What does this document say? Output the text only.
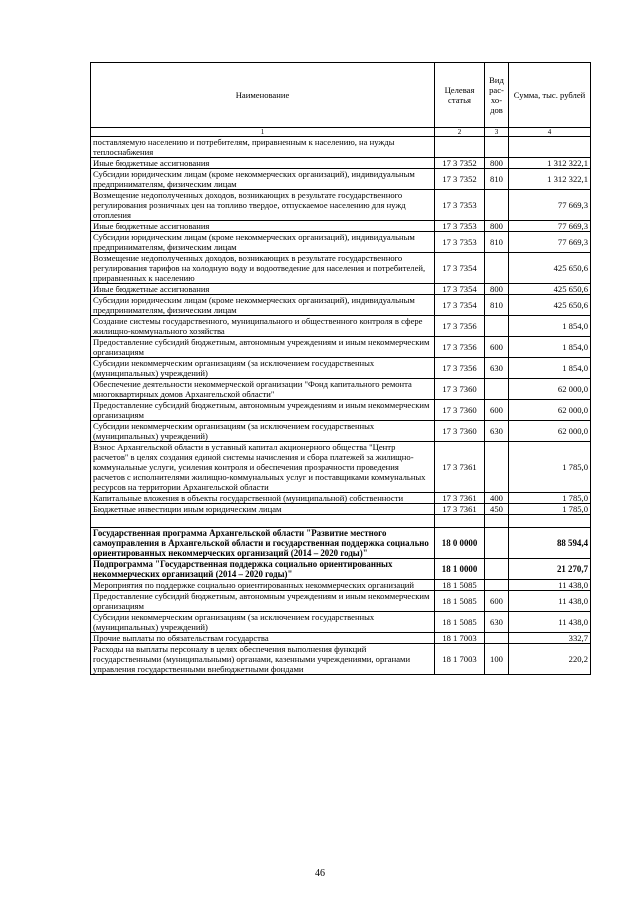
Наименование	Целевая статья	Вид рас-хо-дов	Сумма, тыс. рублей
1	2	3	4
поставляемую населению и потребителям, приравненным к населению, на нужды теплоснабжения			
Иные бюджетные ассигнования	17 3 7352	800	1 312 322,1
Субсидии юридическим лицам (кроме некоммерческих организаций), индивидуальным предпринимателям, физическим лицам	17 3 7352	810	1 312 322,1
Возмещение недополученных доходов, возникающих в результате государственного регулирования розничных цен на топливо твердое, отпускаемое населению для нужд отопления	17 3 7353		77 669,3
Иные бюджетные ассигнования	17 3 7353	800	77 669,3
Субсидии юридическим лицам (кроме некоммерческих организаций), индивидуальным предпринимателям, физическим лицам	17 3 7353	810	77 669,3
Возмещение недополученных доходов, возникающих в результате государственного регулирования тарифов на холодную воду и водоотведение для населения и потребителей, приравненных к населению	17 3 7354		425 650,6
Иные бюджетные ассигнования	17 3 7354	800	425 650,6
Субсидии юридическим лицам (кроме некоммерческих организаций), индивидуальным предпринимателям, физическим лицам	17 3 7354	810	425 650,6
Создание системы государственного, муниципального и общественного контроля в сфере жилищно-коммунального хозяйства	17 3 7356		1 854,0
Предоставление субсидий бюджетным, автономным учреждениям и иным некоммерческим организациям	17 3 7356	600	1 854,0
Субсидии некоммерческим организациям (за исключением государственных (муниципальных) учреждений)	17 3 7356	630	1 854,0
Обеспечение деятельности некоммерческой организации "Фонд капитального ремонта многоквартирных домов Архангельской области"	17 3 7360		62 000,0
Предоставление субсидий бюджетным, автономным учреждениям и иным некоммерческим организациям	17 3 7360	600	62 000,0
Субсидии некоммерческим организациям (за исключением государственных (муниципальных) учреждений)	17 3 7360	630	62 000,0
Взнос Архангельской области в уставный капитал акционерного общества "Центр расчетов" в целях создания единой системы начисления и сбора платежей за жилищно-коммунальные услуги, усиления контроля и обеспечения прозрачности проведения расчетов с исполнителями жилищно-коммунальных услуг и поставщиками коммунальных ресурсов на территории Архангельской области	17 3 7361		1 785,0
Капитальные вложения в объекты государственной (муниципальной) собственности	17 3 7361	400	1 785,0
Бюджетные инвестиции иным юридическим лицам	17 3 7361	450	1 785,0

Государственная программа Архангельской области "Развитие местного самоуправления в Архангельской области и государственная поддержка социально ориентированных некоммерческих организаций (2014 – 2020 годы)"	18 0 0000		88 594,4
Подпрограмма "Государственная поддержка социально ориентированных некоммерческих организаций (2014 – 2020 годы)"	18 1 0000		21 270,7
Мероприятия по поддержке социально ориентированных некоммерческих организаций	18 1 5085		11 438,0
Предоставление субсидий бюджетным, автономным учреждениям и иным некоммерческим организациям	18 1 5085	600	11 438,0
Субсидии некоммерческим организациям (за исключением государственных (муниципальных) учреждений)	18 1 5085	630	11 438,0
Прочие выплаты по обязательствам государства	18 1 7003		332,7
Расходы на выплаты персоналу в целях обеспечения выполнения функций государственными (муниципальными) органами, казенными учреждениями, органами управления государственными внебюджетными фондами	18 1 7003	100	220,2
46
